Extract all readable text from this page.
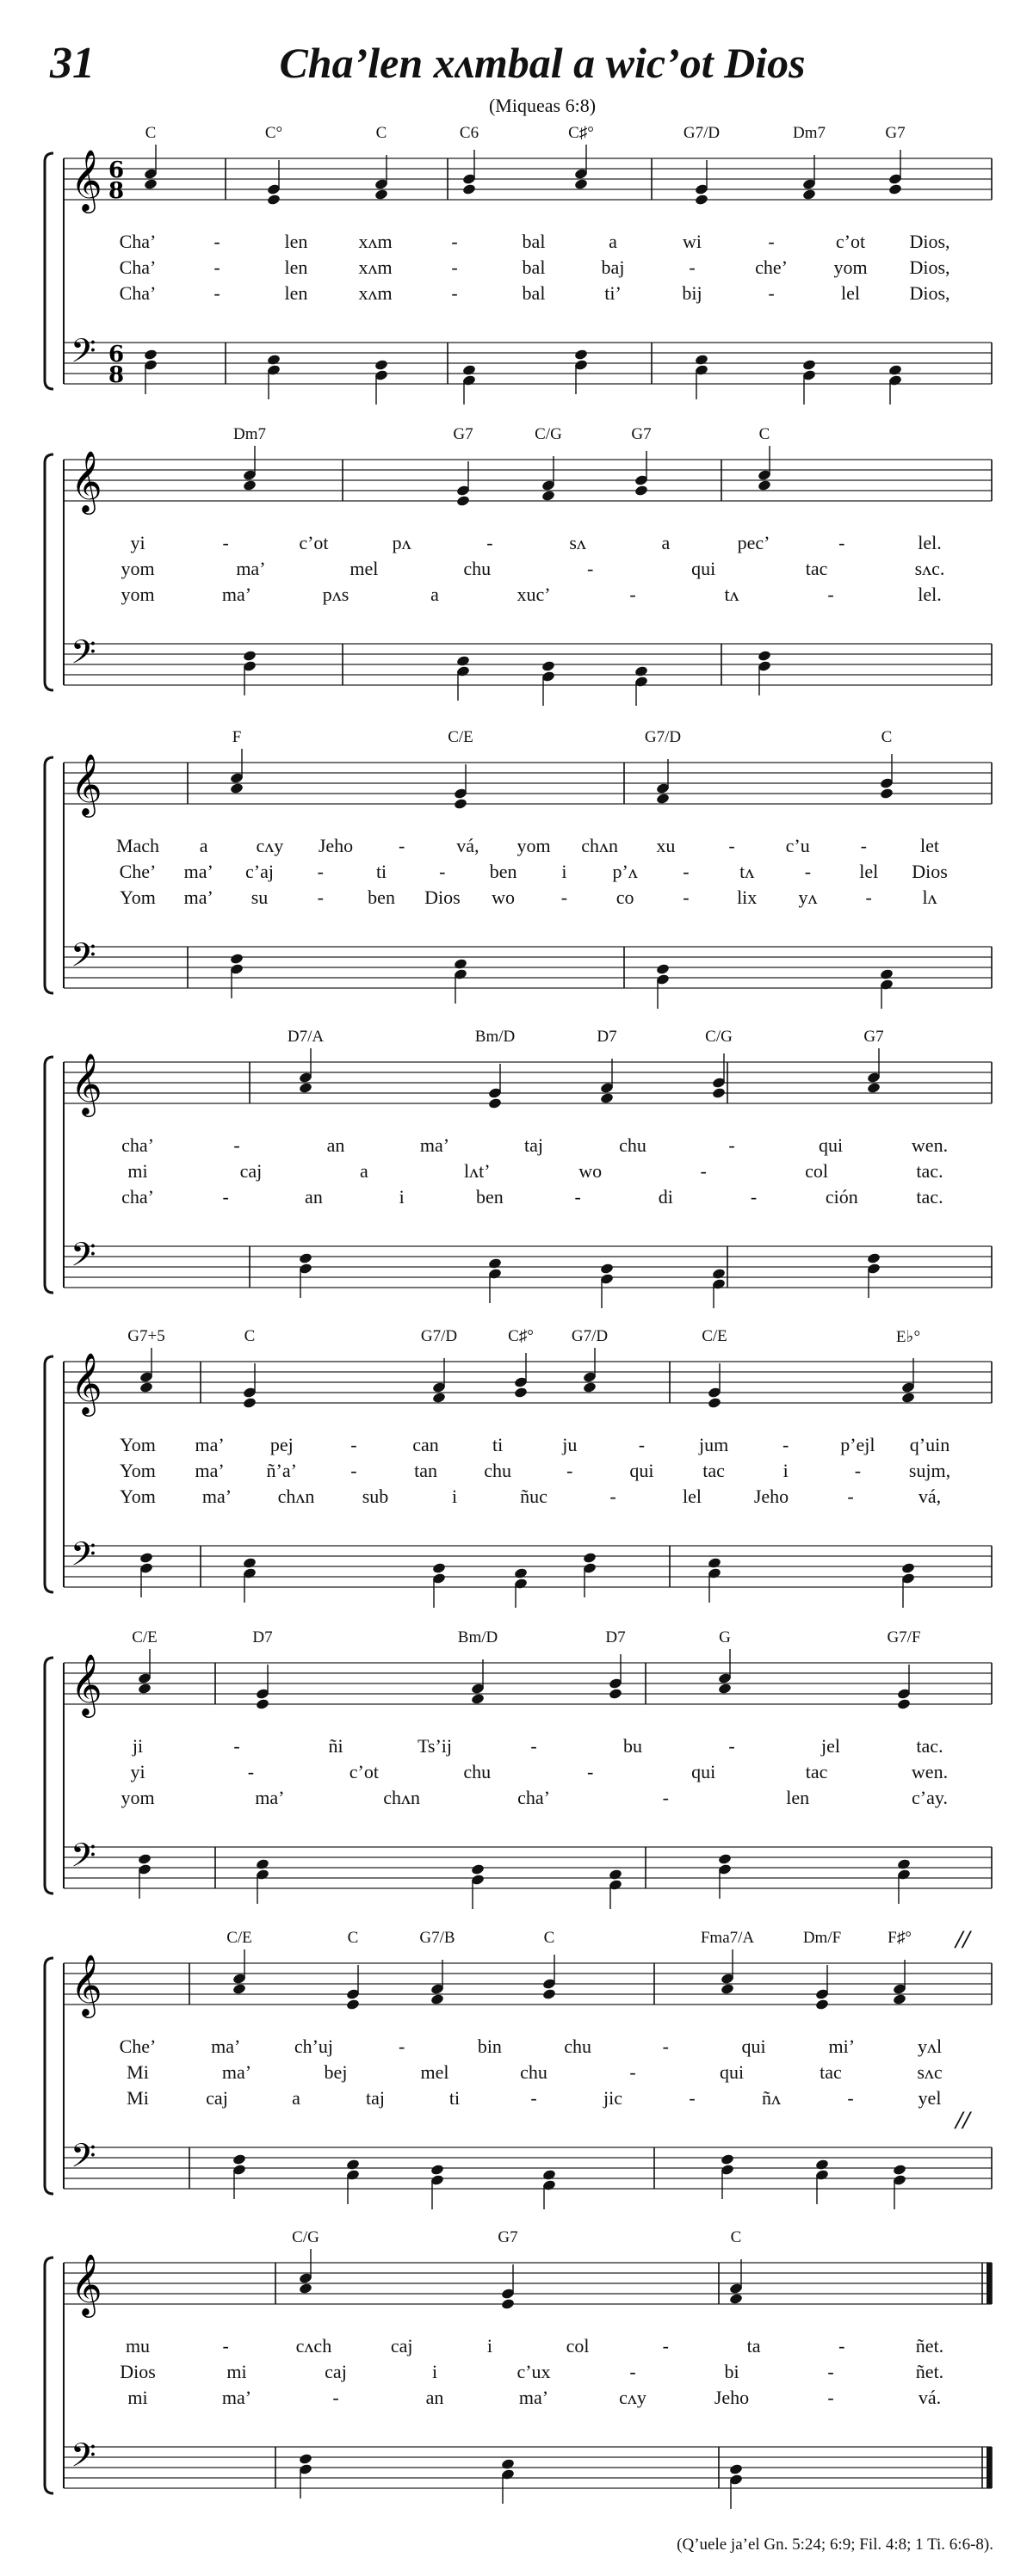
31	Cha’len xʌmbal a wic’ot Dios
(Miqueas 6:8)
𝄞
𝄢
6
8
6
8
C	C°	C	C6	C♯°	G7/D	Dm7	G7
Cha’	-	len	xʌm	-	bal	a	wi	-	c’ot Dios,
Cha’	-	len	xʌm	-	bal	baj	-	che’ yom Dios,
Cha’	-	len	xʌm	-	bal	ti’	bij	-	lel	Dios,
𝄞
𝄢
Dm7	G7	C/G	G7	C
yi	-	c’ot	pʌ	-	sʌ	a	pec’	-	lel.
yom	ma’	mel	chu	-	qui	tac	sʌc.
yom	ma’	pʌs	a	xuc’	-	tʌ	-	lel.
𝄞
𝄢
F	C/E	G7/D	C
Mach a	cʌy Jeho -	vá, yom chʌn xu	-	c’u	-	let
Che’ ma’ c’aj -	ti	- ben i p’ʌ -	tʌ	-	lel Dios
Yom ma’ su	- ben Dios wo -	co	-	lix yʌ	-	lʌ
𝄞
𝄢
D7/A	Bm/D	D7	C/G	G7
cha’	-	an	ma’	taj	chu	-	qui	wen.
mi	caj	a	lʌt’	wo	-	col	tac.
cha’	-	an	i	ben	-	di	-	ción	tac.
𝄞
𝄢
G7+5	C	G7/D	C♯° G7/D	C/E	E♭°
Yom ma’ pej	-	can	ti	ju	-	jum	-	p’ejl q’uin
Yom ma’ ñ’a’	-	tan chu	-	qui	tac	i	-	sujm,
Yom ma’ chʌn	sub	i	ñuc	-	lel	Jeho	-	vá,
𝄞
𝄢
C/E	D7	Bm/D	D7	G	G7/F
ji	-	ñi	Ts’ij	-	bu	-	jel	tac.
yi	-	c’ot	chu	-	qui	tac	wen.
yom	ma’	chʌn	cha’	-	len	c’ay.
𝄞
𝄢
C/E	C	G7/B	C	Fma7/A	Dm/F	F♯°
Che’	ma’	ch’uj	-	bin	chu	-	qui	mi’	yʌl
Mi	ma’	bej	mel	chu	-	qui	tac	sʌc
Mi	caj	a	taj	ti	-	jic	-	ñʌ	-	yel
//
//
𝄞
𝄢
C/G	G7	C
mu	-	cʌch	caj	i	col	-	ta	-	ñet.
Dios	mi	caj	i	c’ux	-	bi	-	ñet.
mi	ma’	-	an	ma’	cʌy	Jeho	-	vá.
(Q’uele ja’el Gn. 5:24; 6:9; Fil. 4:8; 1 Ti. 6:6-8).
